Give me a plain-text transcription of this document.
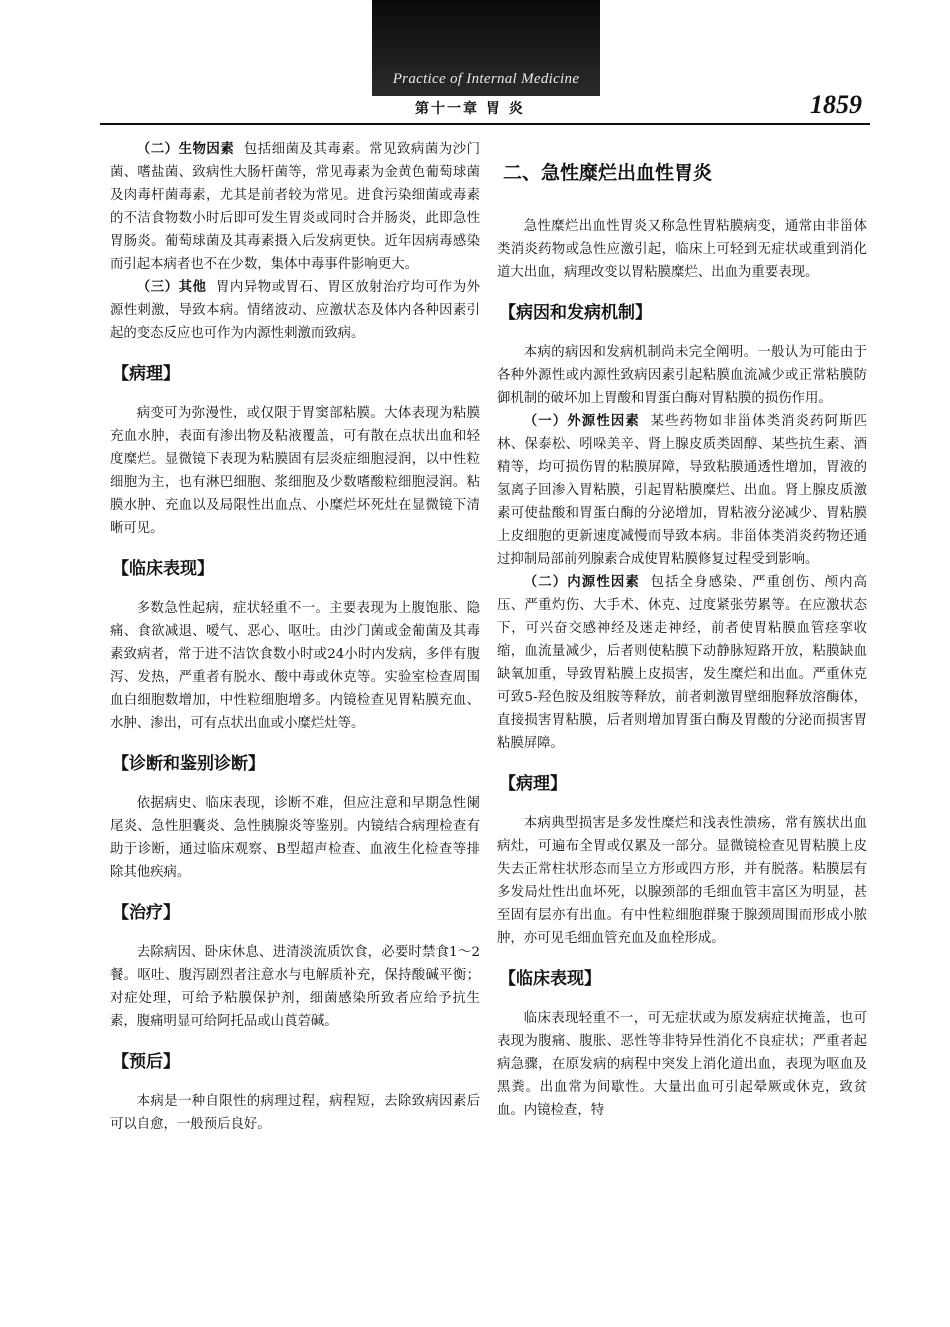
Practice of Internal Medicine
第十一章 胃 炎	1859

（二）生物因素 包括细菌及其毒素。常见致病菌为沙门菌、嗜盐菌、致病性大肠杆菌等，常见毒素为金黄色葡萄球菌及肉毒杆菌毒素，尤其是前者较为常见。进食污染细菌或毒素的不洁食物数小时后即可发生胃炎或同时合并肠炎，此即急性胃肠炎。葡萄球菌及其毒素摄入后发病更快。近年因病毒感染而引起本病者也不在少数，集体中毒事件影响更大。

（三）其他 胃内异物或胃石、胃区放射治疗均可作为外源性刺激，导致本病。情绪波动、应激状态及体内各种因素引起的变态反应也可作为内源性刺激而致病。

【病理】

病变可为弥漫性，或仅限于胃窦部粘膜。大体表现为粘膜充血水肿，表面有渗出物及粘液覆盖，可有散在点状出血和轻度糜烂。显微镜下表现为粘膜固有层炎症细胞浸润，以中性粒细胞为主，也有淋巴细胞、浆细胞及少数嗜酸粒细胞浸润。粘膜水肿、充血以及局限性出血点、小糜烂坏死灶在显微镜下清晰可见。

【临床表现】

多数急性起病，症状轻重不一。主要表现为上腹饱胀、隐痛、食欲减退、嗳气、恶心、呕吐。由沙门菌或金葡菌及其毒素致病者，常于进不洁饮食数小时或24小时内发病，多伴有腹泻、发热，严重者有脱水、酸中毒或休克等。实验室检查周围血白细胞数增加，中性粒细胞增多。内镜检查见胃粘膜充血、水肿、渗出，可有点状出血或小糜烂灶等。

【诊断和鉴别诊断】

依据病史、临床表现，诊断不难，但应注意和早期急性阑尾炎、急性胆囊炎、急性胰腺炎等鉴别。内镜结合病理检查有助于诊断，通过临床观察、B型超声检查、血液生化检查等排除其他疾病。

【治疗】

去除病因、卧床休息、进清淡流质饮食，必要时禁食1～2餐。呕吐、腹泻剧烈者注意水与电解质补充，保持酸碱平衡；对症处理，可给予粘膜保护剂，细菌感染所致者应给予抗生素，腹痛明显可给阿托品或山莨菪碱。

【预后】

本病是一种自限性的病理过程，病程短，去除致病因素后可以自愈，一般预后良好。

二、急性糜烂出血性胃炎

急性糜烂出血性胃炎又称急性胃粘膜病变，通常由非甾体类消炎药物或急性应激引起，临床上可轻到无症状或重到消化道大出血，病理改变以胃粘膜糜烂、出血为重要表现。

【病因和发病机制】

本病的病因和发病机制尚未完全阐明。一般认为可能由于各种外源性或内源性致病因素引起粘膜血流减少或正常粘膜防御机制的破坏加上胃酸和胃蛋白酶对胃粘膜的损伤作用。

（一）外源性因素 某些药物如非甾体类消炎药阿斯匹林、保泰松、吲哚美辛、肾上腺皮质类固醇、某些抗生素、酒精等，均可损伤胃的粘膜屏障，导致粘膜通透性增加，胃液的氢离子回渗入胃粘膜，引起胃粘膜糜烂、出血。肾上腺皮质激素可使盐酸和胃蛋白酶的分泌增加，胃粘液分泌减少、胃粘膜上皮细胞的更新速度减慢而导致本病。非甾体类消炎药物还通过抑制局部前列腺素合成使胃粘膜修复过程受到影响。

（二）内源性因素 包括全身感染、严重创伤、颅内高压、严重灼伤、大手术、休克、过度紧张劳累等。在应激状态下，可兴奋交感神经及迷走神经，前者使胃粘膜血管痉挛收缩，血流量减少，后者则使粘膜下动静脉短路开放，粘膜缺血缺氧加重，导致胃粘膜上皮损害，发生糜烂和出血。严重休克可致5-羟色胺及组胺等释放，前者刺激胃壁细胞释放溶酶体，直接损害胃粘膜，后者则增加胃蛋白酶及胃酸的分泌而损害胃粘膜屏障。

【病理】

本病典型损害是多发性糜烂和浅表性溃疡，常有簇状出血病灶，可遍布全胃或仅累及一部分。显微镜检查见胃粘膜上皮失去正常柱状形态而呈立方形或四方形，并有脱落。粘膜层有多发局灶性出血坏死，以腺颈部的毛细血管丰富区为明显，甚至固有层亦有出血。有中性粒细胞群聚于腺颈周围而形成小脓肿，亦可见毛细血管充血及血栓形成。

【临床表现】

临床表现轻重不一，可无症状或为原发病症状掩盖，也可表现为腹痛、腹胀、恶性等非特异性消化不良症状；严重者起病急骤，在原发病的病程中突发上消化道出血，表现为呕血及黑粪。出血常为间歇性。大量出血可引起晕厥或休克，致贫血。内镜检查，特
